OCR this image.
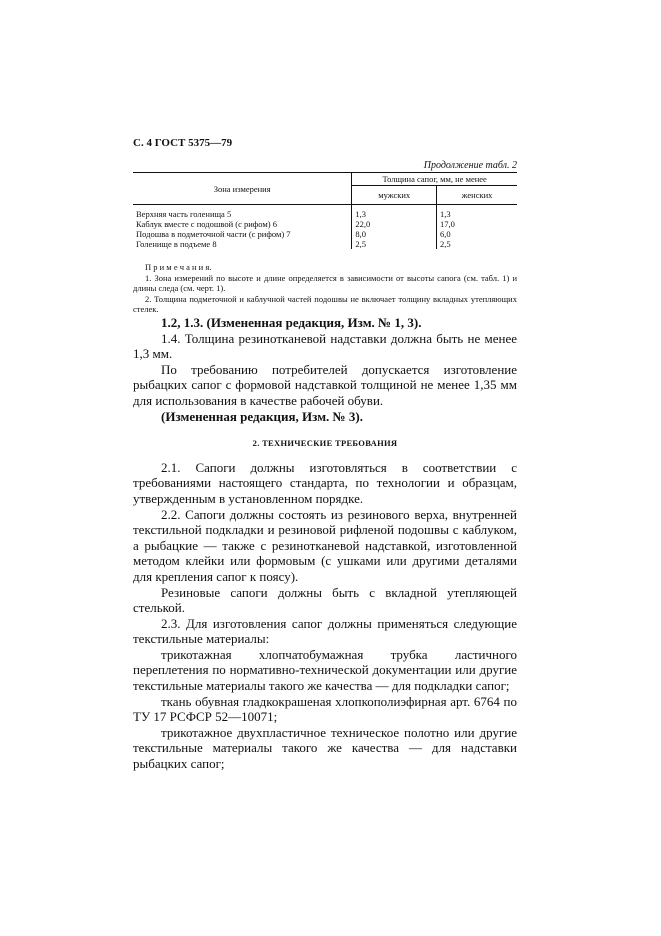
С. 4 ГОСТ 5375—79
Продолжение табл. 2
Зона измерения	Толщина сапог, мм, не менее	
	мужских	женских

Верхняя часть голенища 5	1,3	1,3
Каблук вместе с подошвой (с рифом) 6	22,0	17,0
Подошва в подметочной части (с рифом) 7	8,0	6,0
Голенище в подъеме 8	2,5	2,5

П р и м е ч а н и я.

1. Зона измерений по высоте и длине определяется в зависимости от высоты сапога (см. табл. 1) и длины следа (см. черт. 1).

2. Толщина подметочной и каблучной частей подошвы не включает толщину вкладных утепляющих стелек.

1.2, 1.3. (Измененная редакция, Изм. № 1, 3).

1.4. Толщина резинотканевой надставки должна быть не менее 1,3 мм.

По требованию потребителей допускается изготовление рыбацких сапог с формовой надставкой толщиной не менее 1,35 мм для использования в качестве рабочей обуви.

(Измененная редакция, Изм. № 3).

2. ТЕХНИЧЕСКИЕ ТРЕБОВАНИЯ

2.1. Сапоги должны изготовляться в соответствии с требованиями настоящего стандарта, по технологии и образцам, утвержденным в установленном порядке.

2.2. Сапоги должны состоять из резинового верха, внутренней текстильной подкладки и резиновой рифленой подошвы с каблуком, а рыбацкие — также с резинотканевой надставкой, изготовленной методом клейки или формовым (с ушками или другими деталями для крепления сапог к поясу).

Резиновые сапоги должны быть с вкладной утепляющей стелькой.

2.3. Для изготовления сапог должны применяться следующие текстильные материалы:

трикотажная хлопчатобумажная трубка ластичного переплетения по нормативно-технической документации или другие текстильные материалы такого же качества — для подкладки сапог;

ткань обувная гладкокрашеная хлопкополиэфирная арт. 6764 по ТУ 17 РСФСР 52—10071;

трикотажное двухпластичное техническое полотно или другие текстильные материалы такого же качества — для надставки рыбацких сапог;
